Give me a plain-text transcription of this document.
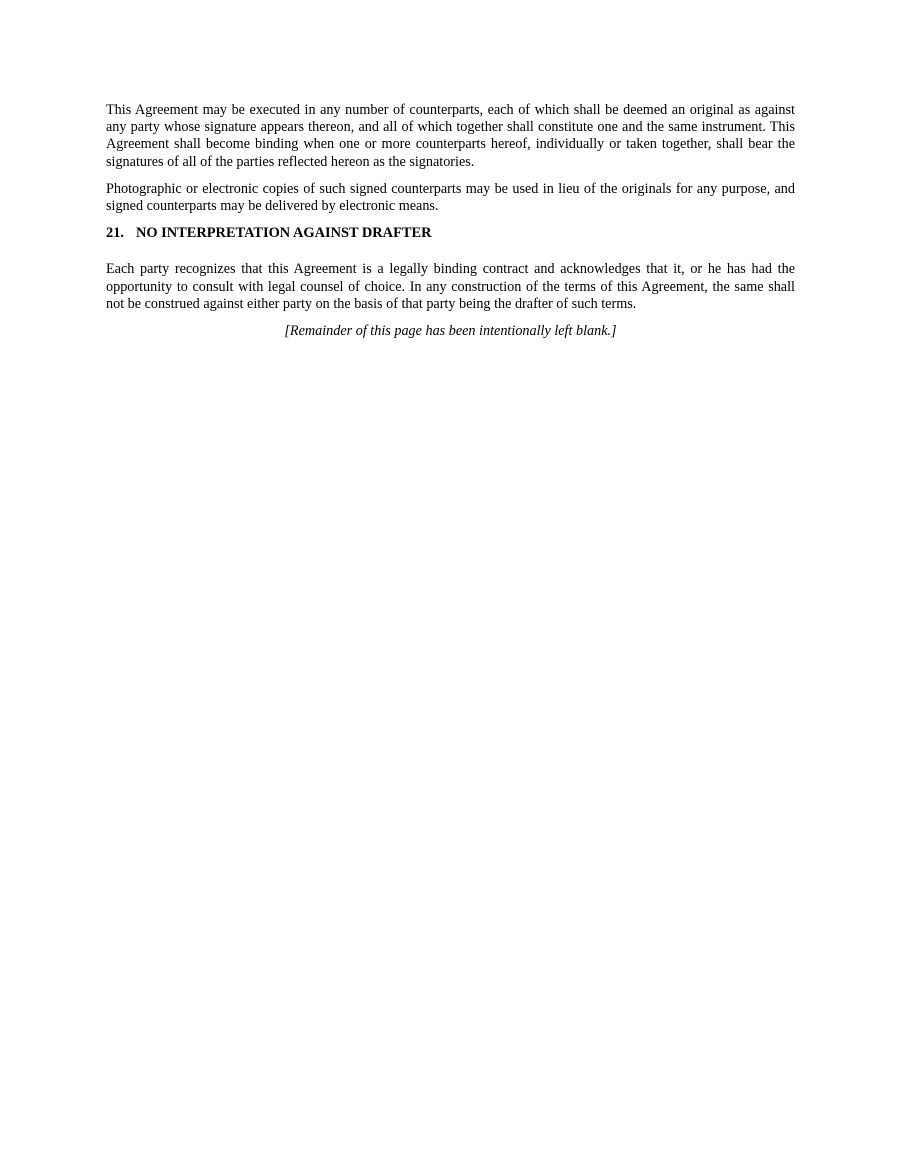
This Agreement may be executed in any number of counterparts, each of which shall be deemed an original as against any party whose signature appears thereon, and all of which together shall constitute one and the same instrument. This Agreement shall become binding when one or more counterparts hereof, individually or taken together, shall bear the signatures of all of the parties reflected hereon as the signatories.

Photographic or electronic copies of such signed counterparts may be used in lieu of the originals for any purpose, and signed counterparts may be delivered by electronic means.

21. NO INTERPRETATION AGAINST DRAFTER

Each party recognizes that this Agreement is a legally binding contract and acknowledges that it, or he has had the opportunity to consult with legal counsel of choice. In any construction of the terms of this Agreement, the same shall not be construed against either party on the basis of that party being the drafter of such terms.

[Remainder of this page has been intentionally left blank.]
